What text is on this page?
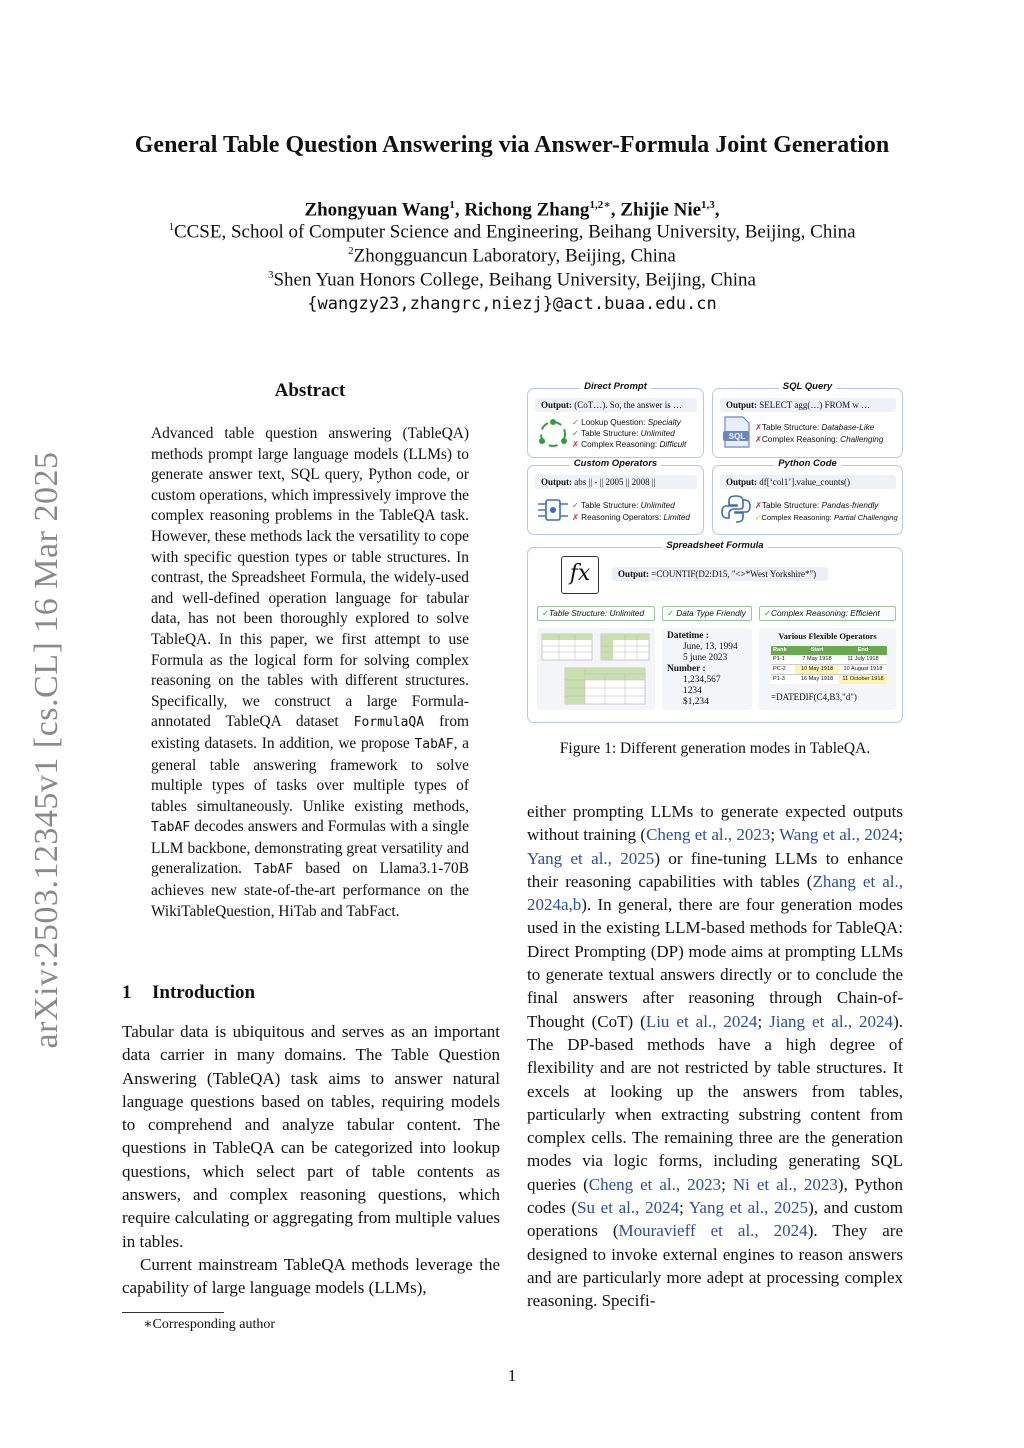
arXiv:2503.12345v1 [cs.CL] 16 Mar 2025
General Table Question Answering via Answer-Formula Joint Generation
Zhongyuan Wang$^1$, Richong Zhang$^{1,2∗}$, Zhijie Nie$^{1,3}$,
$^1$CCSE, School of Computer Science and Engineering, Beihang University, Beijing, China
$^2$Zhongguancun Laboratory, Beijing, China
$^3$Shen Yuan Honors College, Beihang University, Beijing, China
{wangzy23,zhangrc,niezj}@act.buaa.edu.cn
Abstract
Advanced table question answering (TableQA) methods prompt large language models (LLMs) to generate answer text, SQL query, Python code, or custom operations, which impressively improve the complex reasoning problems in the TableQA task. However, these methods lack the versatility to cope with specific question types or table structures. In contrast, the Spreadsheet Formula, the widely-used and well-defined operation language for tabular data, has not been thoroughly explored to solve TableQA. In this paper, we first attempt to use Formula as the logical form for solving complex reasoning on the tables with different structures. Specifically, we construct a large Formula-annotated TableQA dataset FormulaQA from existing datasets. In addition, we propose TabAF, a general table answering framework to solve multiple types of tasks over multiple types of tables simultaneously. Unlike existing methods, TabAF decodes answers and Formulas with a single LLM backbone, demonstrating great versatility and generalization. TabAF based on Llama3.1-70B achieves new state-of-the-art performance on the WikiTableQuestion, HiTab and TabFact.
1 Introduction

Tabular data is ubiquitous and serves as an important data carrier in many domains. The Table Question Answering (TableQA) task aims to answer natural language questions based on tables, requiring models to comprehend and analyze tabular content. The questions in TableQA can be categorized into lookup questions, which select part of table contents as answers, and complex reasoning questions, which require calculating or aggregating from multiple values in tables.

Current mainstream TableQA methods leverage the capability of large language models (LLMs),

∗Corresponding author

either prompting LLMs to generate expected outputs without training (Cheng et al., 2023; Wang et al., 2024; Yang et al., 2025) or fine-tuning LLMs to enhance their reasoning capabilities with tables (Zhang et al., 2024a,b). In general, there are four generation modes used in the existing LLM-based methods for TableQA: Direct Prompting (DP) mode aims at prompting LLMs to generate textual answers directly or to conclude the final answers after reasoning through Chain-of-Thought (CoT) (Liu et al., 2024; Jiang et al., 2024). The DP-based methods have a high degree of flexibility and are not restricted by table structures. It excels at looking up the answers from tables, particularly when extracting substring content from complex cells. The remaining three are the generation modes via logic forms, including generating SQL queries (Cheng et al., 2023; Ni et al., 2023), Python codes (Su et al., 2024; Yang et al., 2025), and custom operations (Mouravieff et al., 2024). They are designed to invoke external engines to reason answers and are particularly more adept at processing complex reasoning. Specifi-

1
Direct Prompt
Output: (CoT…). So, the answer is …
✓ Lookup Question: Specialty
✓ Table Structure: Unlimited
✗ Complex Reasoning: Difficult
SQL Query
Output: SELECT agg(…) FROM w …
SQL
✗Table Structure: Database-Like
✗Complex Reasoning: Challenging
Custom Operators
Output: abs || - || 2005 || 2008 ||
✓ Table Structure: Unlimited
✗ Reasoning Operators: Limited
Python Code
Output: df[‘col1’].value_counts()
✗Table Structure: Pandas-friendly
✓Complex Reasoning: Partial Challenging
Spreadsheet Formula
fx	Output: =COUNTIF(D2:D15, "<>*West Yorkshire*")
✓Table Structure: Unlimited	✓ Data Type Friendly	✓Complex Reasoning: Efficient
Datetime :
June, 13, 1994
5 june 2023
Number :
1,234,567
1234
$1,234
Various Flexible Operators
Rank	Start	End
P1-1	7 May 1918	11 July 1918
PC-2	10 May 1918	10 August 1918
P1-3	16 May 1918	11 October 1918
=DATEDIF(C4,B3,"d")
Figure 1: Different generation modes in TableQA.
